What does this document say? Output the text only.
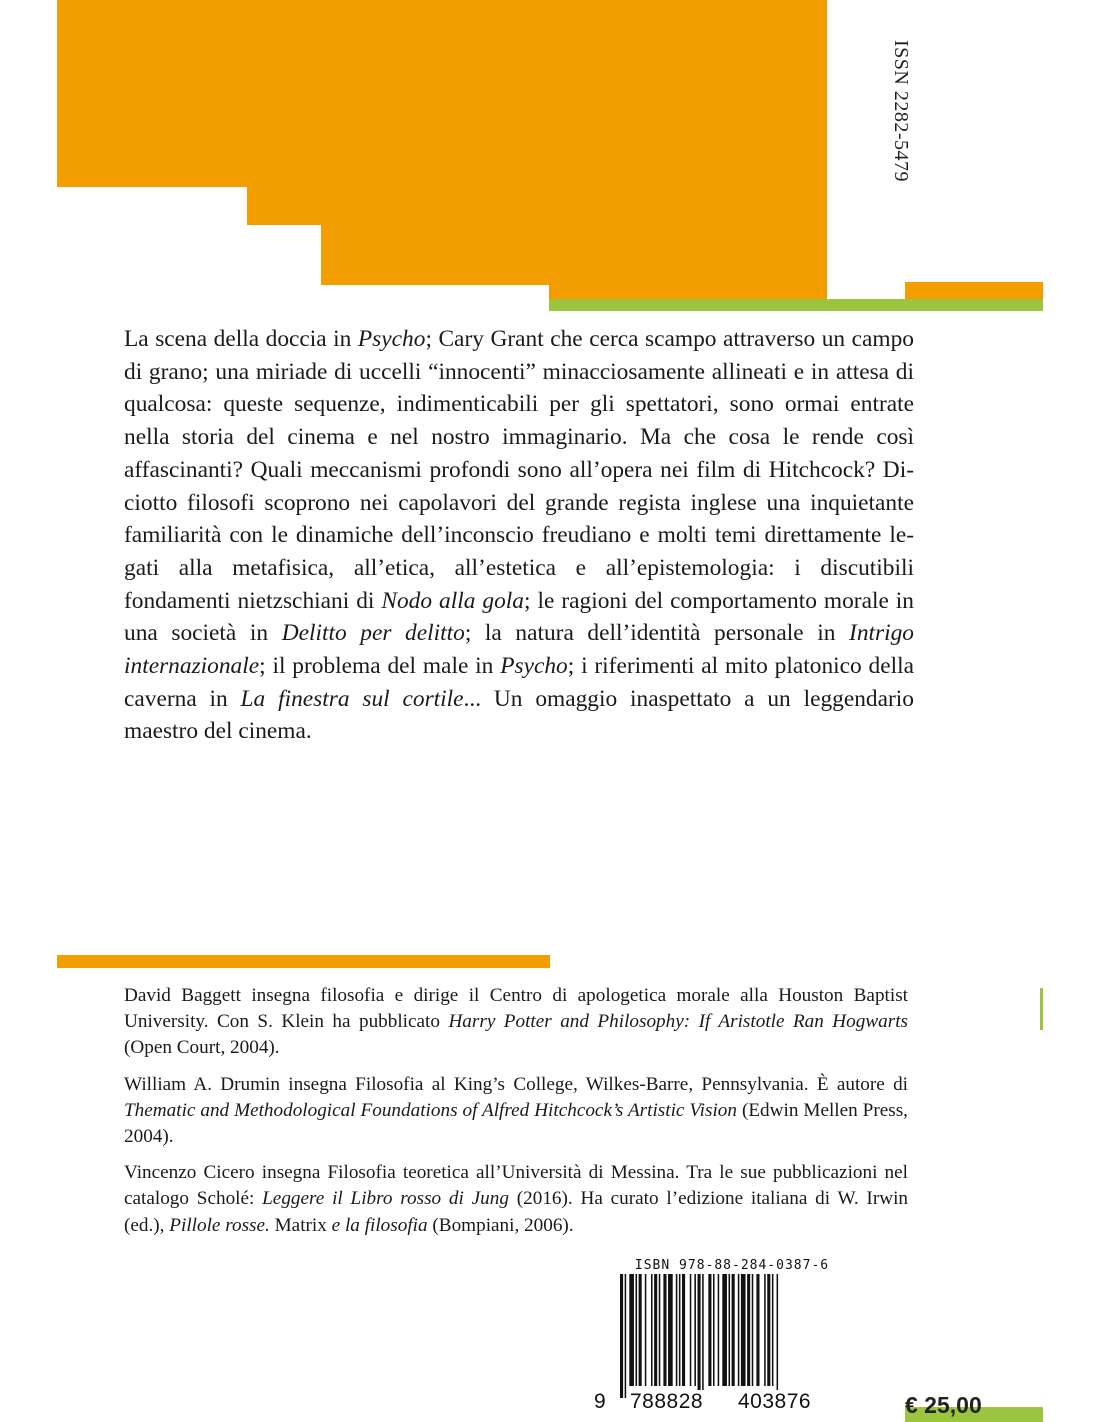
ISSN 2282-5479
La scena della doccia in Psycho; Cary Grant che cerca scampo attraverso un campo di grano; una miriade di uccelli “innocenti” minacciosamente allineati e in attesa di qualcosa: queste sequenze, indimenticabili per gli spettatori, sono ormai entrate nella storia del cinema e nel nostro immaginario. Ma che cosa le rende così affascinanti? Quali meccanismi profondi sono all’opera nei film di Hitchcock? Diciotto filosofi scoprono nei capolavori del grande regista inglese una inquietante familiarità con le dinamiche dell’inconscio freudiano e molti temi direttamente legati alla metafisica, all’etica, all’estetica e all’epistemologia: i discutibili fondamenti nietzschiani di Nodo alla gola; le ragioni del comportamento morale in una società in Delitto per delitto; la natura dell’identità personale in Intrigo internazionale; il problema del male in Psycho; i riferimenti al mito platonico della caverna in La finestra sul cortile... Un omaggio inaspettato a un leggendario maestro del cinema.

David Baggett insegna filosofia e dirige il Centro di apologetica morale alla Houston Baptist University. Con S. Klein ha pubblicato Harry Potter and Philosophy: If Aristotle Ran Hogwarts (Open Court, 2004).

William A. Drumin insegna Filosofia al King’s College, Wilkes-Barre, Pennsylvania. È autore di Thematic and Methodological Foundations of Alfred Hitchcock’s Artistic Vision (Edwin Mellen Press, 2004).

Vincenzo Cicero insegna Filosofia teoretica all’Università di Messina. Tra le sue pubblicazioni nel catalogo Scholé: Leggere il Libro rosso di Jung (2016). Ha curato l’edizione italiana di W. Irwin (ed.), Pillole rosse. Matrix e la filosofia (Bompiani, 2006).

ISBN 978-88-284-0387-6
9 788828 403876	€ 25,00
